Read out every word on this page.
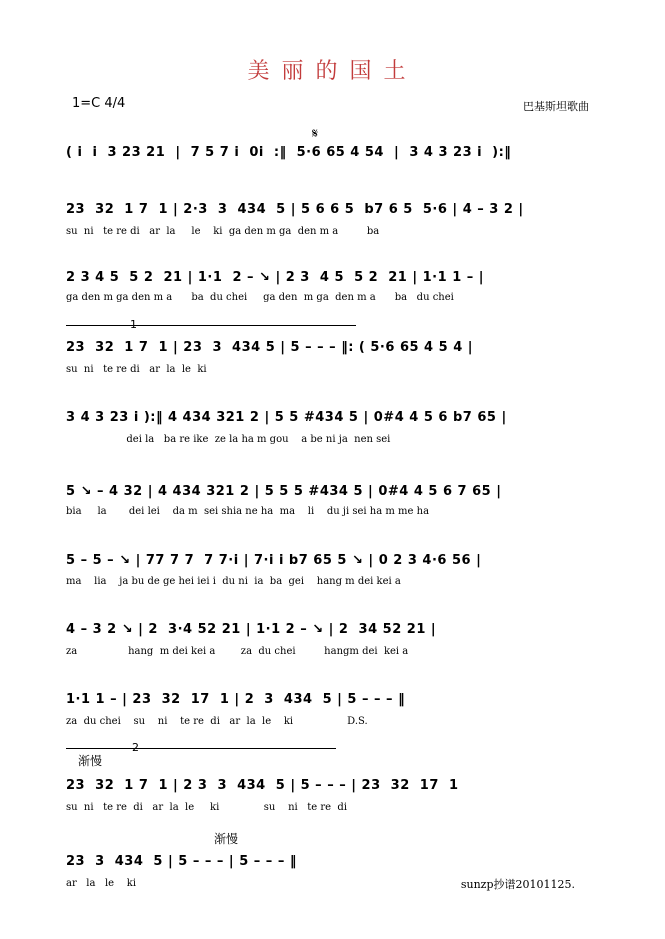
美丽的国土
1=C 4/4	巴基斯坦歌曲
𝄋
( i  i  3 23 21  |  7 5 7 i  0i  :‖  5·6 65 4 54  |  3 4 3 23 i  ):‖
23  32  1 7  1 | 2·3  3  434  5 | 5 6 6 5  b7 6 5  5·6 | 4 – 3 2 |
su  ni   te re di   ar  la     le    ki  ga den m ga  den m a         ba
2 3 4 5  5 2  21 | 1·1  2 – ↘ | 2 3  4 5  5 2  21 | 1·1 1 – |
ga den m ga den m a      ba  du chei     ga den  m ga  den m a      ba   du chei
1
23  32  1 7  1 | 23  3  434 5 | 5 – – – ‖: ( 5·6 65 4 5 4 |
su  ni   te re di   ar  la  le  ki
3 4 3 23 i ):‖ 4 434 321 2 | 5 5 #434 5 | 0#4 4 5 6 b7 65 |
dei la   ba re ike  ze la ha m gou    a be ni ja  nen sei
5 ↘ – 4 32 | 4 434 321 2 | 5 5 5 #434 5 | 0#4 4 5 6 7 65 |
bia     la       dei lei    da m  sei shia ne ha  ma    li    du ji sei ha m me ha
5 – 5 – ↘ | 77 7 7  7 7·i | 7·i i b7 65 5 ↘ | 0 2 3 4·6 56 |
ma    lia    ja bu de ge hei iei i  du ni  ia  ba  gei    hang m dei kei a
4 – 3 2 ↘ | 2  3·4 52 21 | 1·1 2 – ↘ | 2  34 52 21 |
za                hang  m dei kei a        za  du chei         hangm dei  kei a
1·1 1 – | 23  32  17  1 | 2  3  434  5 | 5 – – – ‖
za  du chei    su    ni    te re  di   ar  la  le    ki                 D.S.
2
渐慢
23  32  1 7  1 | 2 3  3  434  5 | 5 – – – | 23  32  17  1
su  ni   te re  di   ar  la  le     ki              su    ni   te re  di
渐慢
23  3  434  5 | 5 – – – | 5 – – – ‖
ar   la   le    ki	sunzp抄谱20101125.
